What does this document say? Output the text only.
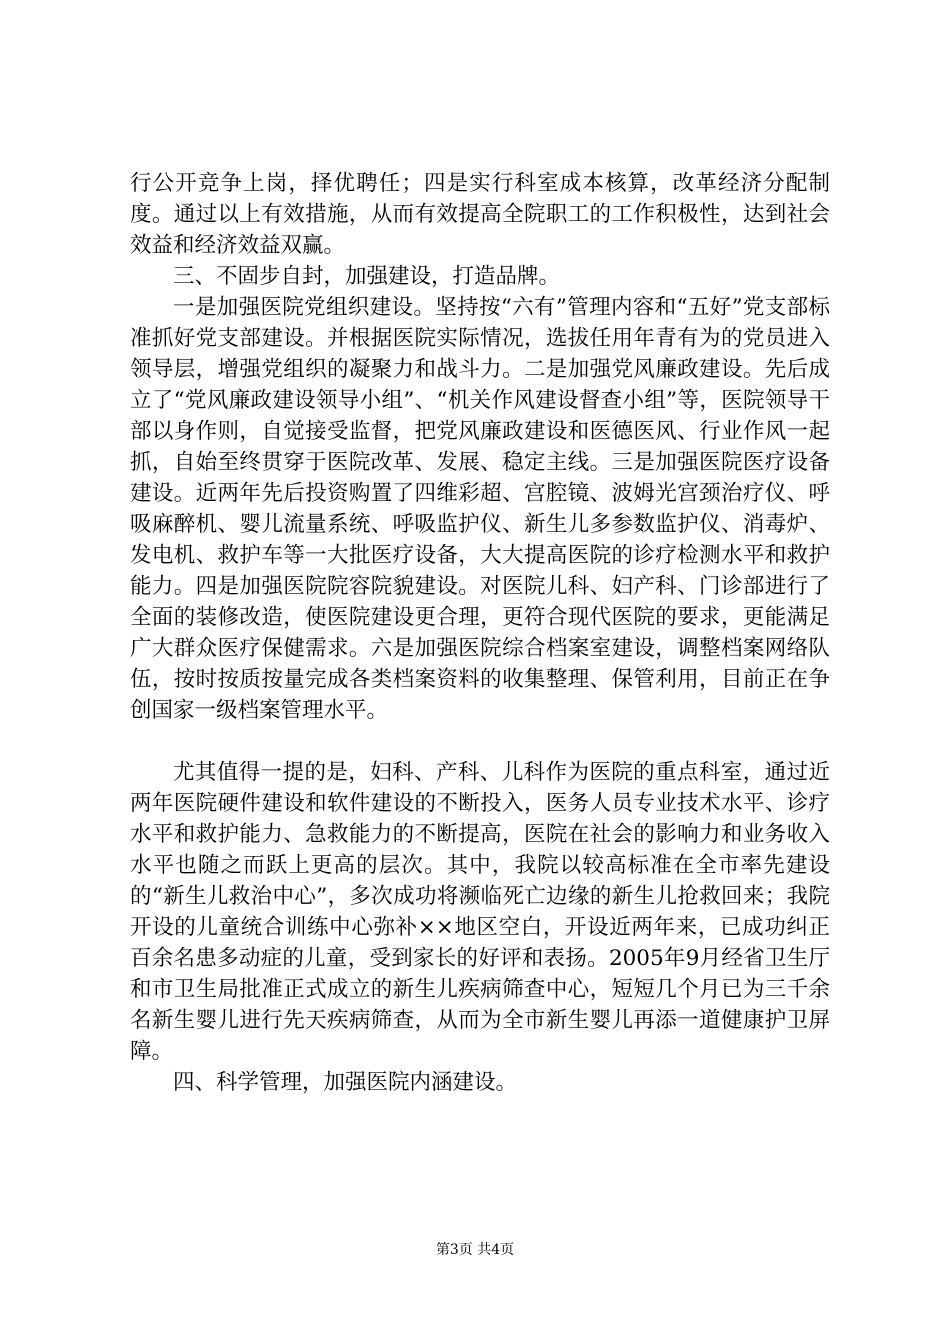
行公开竞争上岗，择优聘任；四是实行科室成本核算，改革经济分配制度。通过以上有效措施，从而有效提高全院职工的工作积极性，达到社会效益和经济效益双赢。

三、不固步自封，加强建设，打造品牌。

一是加强医院党组织建设。坚持按“六有”管理内容和“五好”党支部标准抓好党支部建设。并根据医院实际情况，选拔任用年青有为的党员进入领导层，增强党组织的凝聚力和战斗力。二是加强党风廉政建设。先后成立了“党风廉政建设领导小组”、“机关作风建设督查小组”等，医院领导干部以身作则，自觉接受监督，把党风廉政建设和医德医风、行业作风一起抓，自始至终贯穿于医院改革、发展、稳定主线。三是加强医院医疗设备建设。近两年先后投资购置了四维彩超、宫腔镜、波姆光宫颈治疗仪、呼吸麻醉机、婴儿流量系统、呼吸监护仪、新生儿多参数监护仪、消毒炉、发电机、救护车等一大批医疗设备，大大提高医院的诊疗检测水平和救护能力。四是加强医院院容院貌建设。对医院儿科、妇产科、门诊部进行了全面的装修改造，使医院建设更合理，更符合现代医院的要求，更能满足广大群众医疗保健需求。六是加强医院综合档案室建设，调整档案网络队伍，按时按质按量完成各类档案资料的收集整理、保管利用，目前正在争创国家一级档案管理水平。

尤其值得一提的是，妇科、产科、儿科作为医院的重点科室，通过近两年医院硬件建设和软件建设的不断投入，医务人员专业技术水平、诊疗水平和救护能力、急救能力的不断提高，医院在社会的影响力和业务收入水平也随之而跃上更高的层次。其中，我院以较高标准在全市率先建设的“新生儿救治中心”，多次成功将濒临死亡边缘的新生儿抢救回来；我院开设的儿童统合训练中心弥补××地区空白，开设近两年来，已成功纠正百余名患多动症的儿童，受到家长的好评和表扬。2005年9月经省卫生厅和市卫生局批准正式成立的新生儿疾病筛查中心，短短几个月已为三千余名新生婴儿进行先天疾病筛查，从而为全市新生婴儿再添一道健康护卫屏障。

四、科学管理，加强医院内涵建设。

第3页 共4页
